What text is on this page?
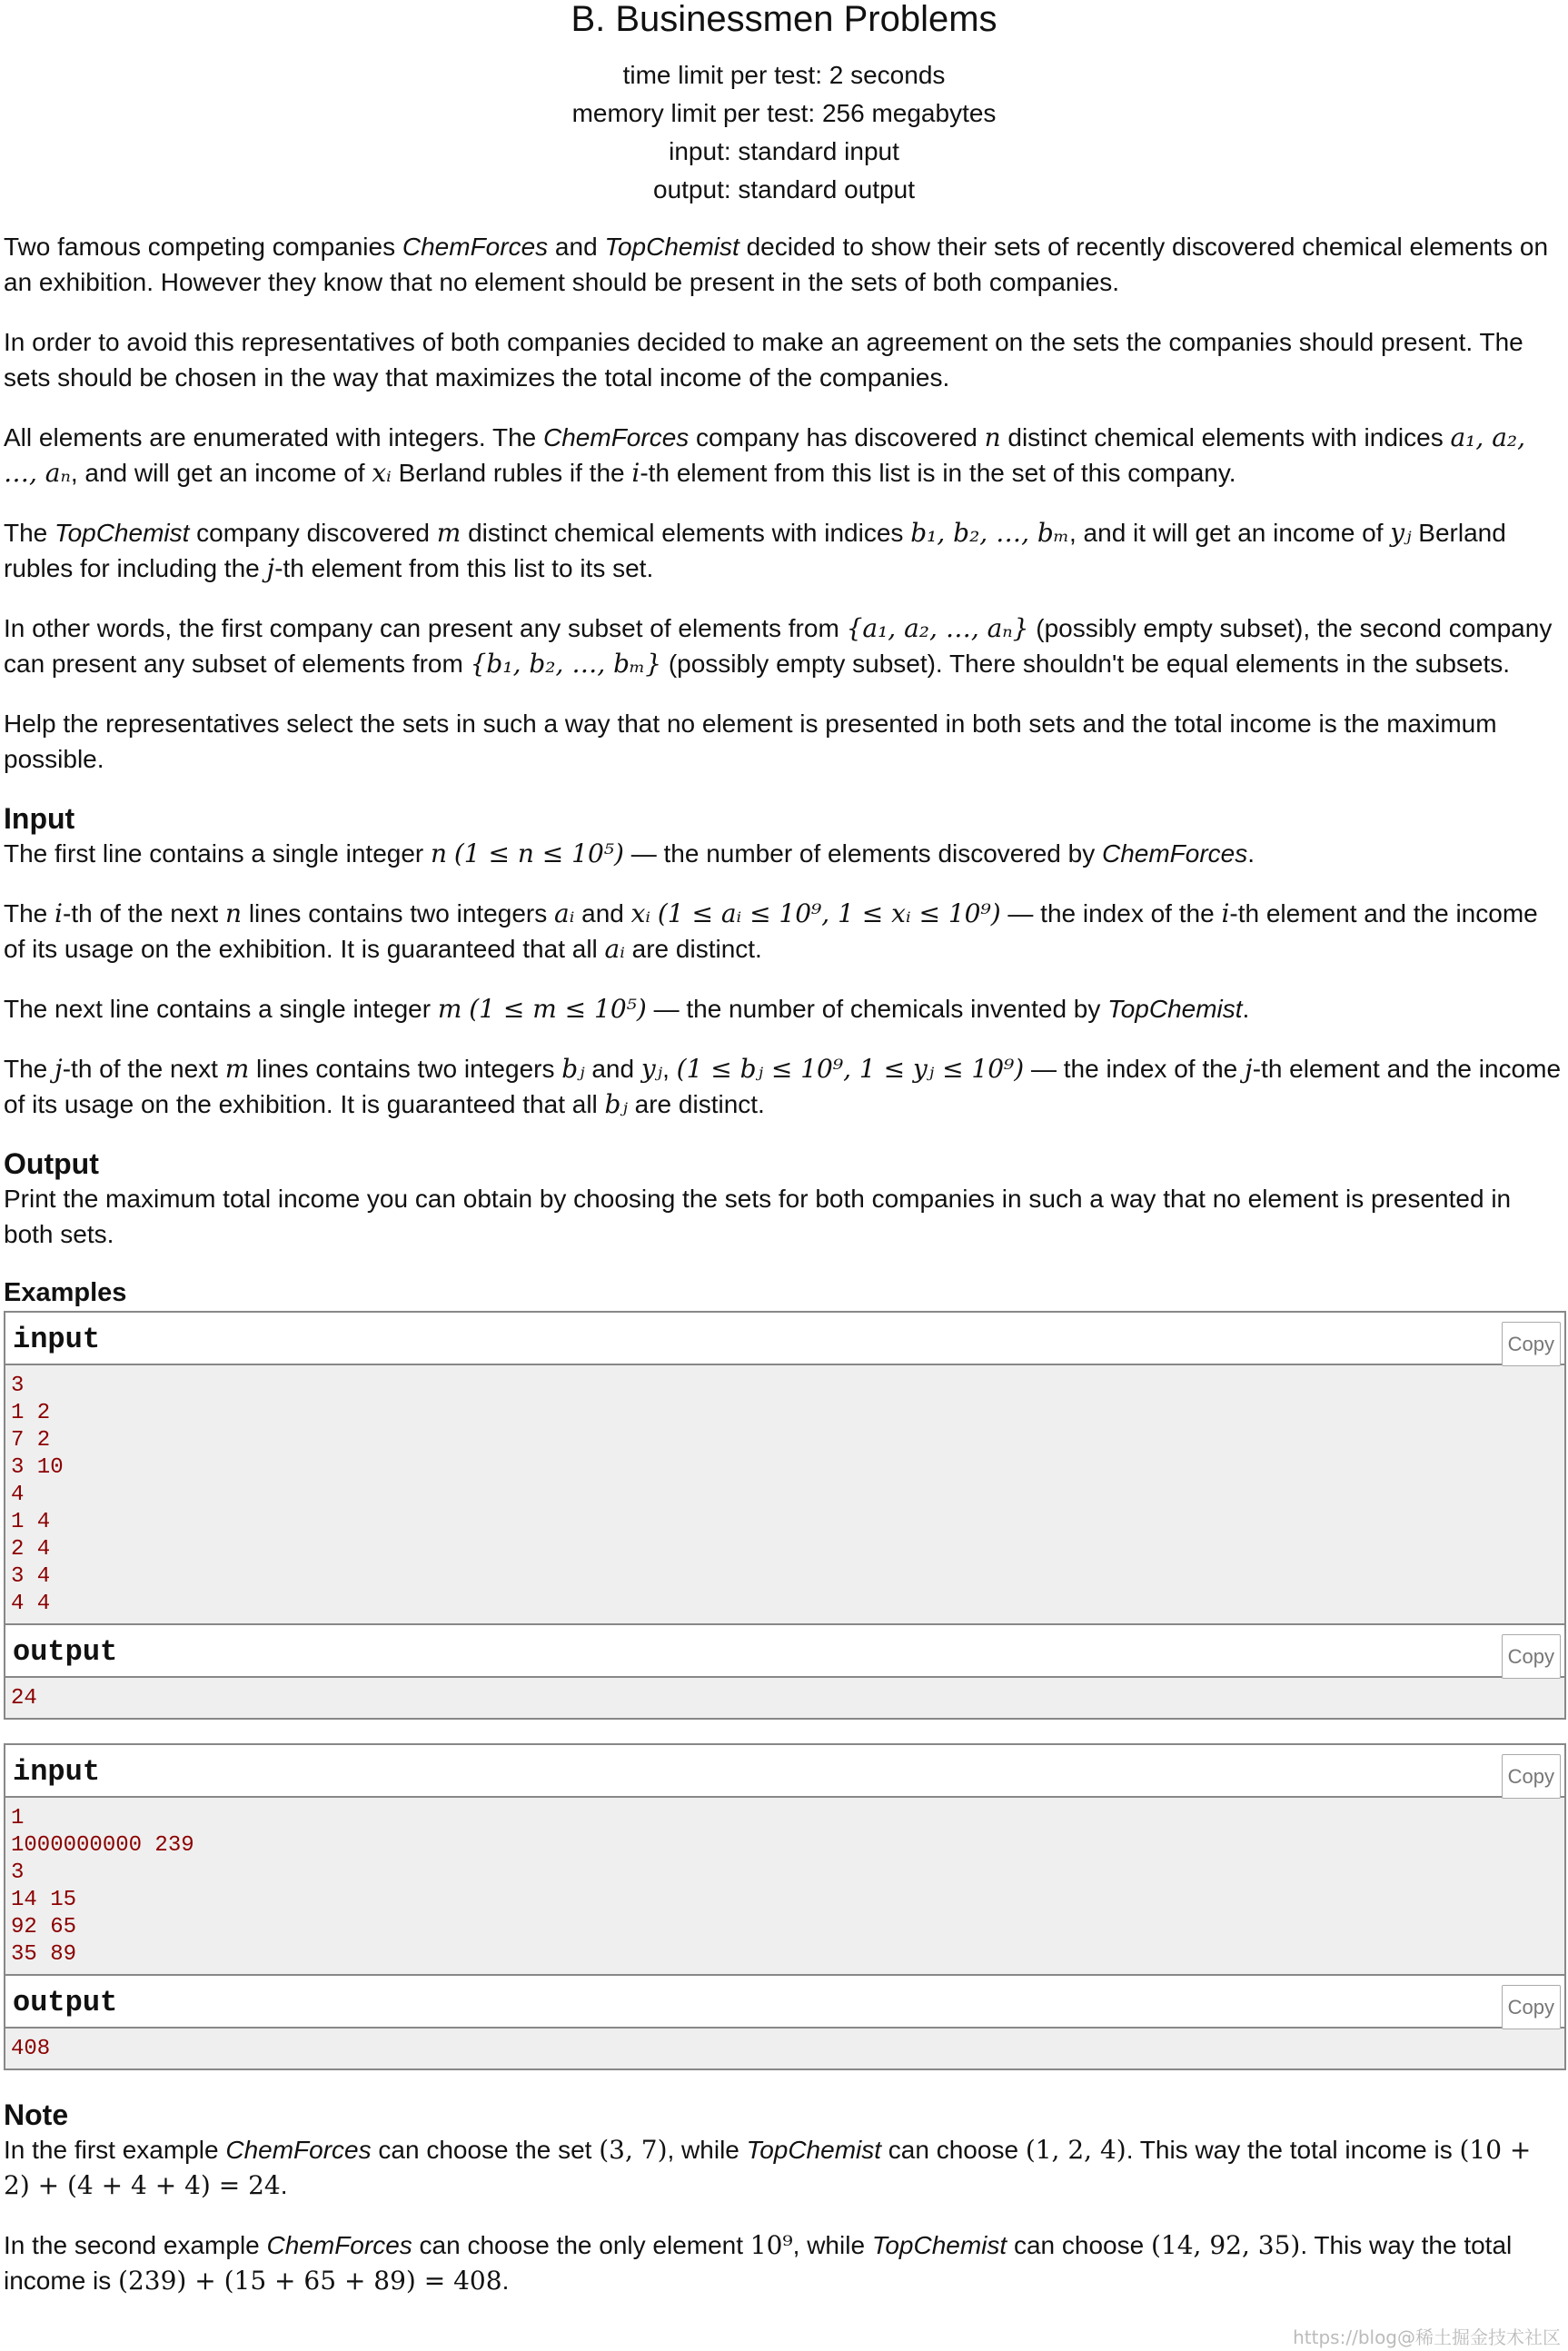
B. Businessmen Problems
time limit per test: 2 seconds
memory limit per test: 256 megabytes
input: standard input
output: standard output

Two famous competing companies ChemForces and TopChemist decided to show their sets of recently discovered chemical elements on an exhibition. However they know that no element should be present in the sets of both companies.

In order to avoid this representatives of both companies decided to make an agreement on the sets the companies should present. The sets should be chosen in the way that maximizes the total income of the companies.

All elements are enumerated with integers. The ChemForces company has discovered n distinct chemical elements with indices a₁, a₂, …, aₙ, and will get an income of xᵢ Berland rubles if the i-th element from this list is in the set of this company.

The TopChemist company discovered m distinct chemical elements with indices b₁, b₂, …, bₘ, and it will get an income of yⱼ Berland rubles for including the j-th element from this list to its set.

In other words, the first company can present any subset of elements from {a₁, a₂, …, aₙ} (possibly empty subset), the second company can present any subset of elements from {b₁, b₂, …, bₘ} (possibly empty subset). There shouldn't be equal elements in the subsets.

Help the representatives select the sets in such a way that no element is presented in both sets and the total income is the maximum possible.

Input

The first line contains a single integer n (1 ≤ n ≤ 10⁵) — the number of elements discovered by ChemForces.

The i-th of the next n lines contains two integers aᵢ and xᵢ (1 ≤ aᵢ ≤ 10⁹, 1 ≤ xᵢ ≤ 10⁹) — the index of the i-th element and the income of its usage on the exhibition. It is guaranteed that all aᵢ are distinct.

The next line contains a single integer m (1 ≤ m ≤ 10⁵) — the number of chemicals invented by TopChemist.

The j-th of the next m lines contains two integers bⱼ and yⱼ, (1 ≤ bⱼ ≤ 10⁹, 1 ≤ yⱼ ≤ 10⁹) — the index of the j-th element and the income of its usage on the exhibition. It is guaranteed that all bⱼ are distinct.

Output

Print the maximum total income you can obtain by choosing the sets for both companies in such a way that no element is presented in both sets.

Examples
input	Copy
3
1 2
7 2
3 10
4
1 4
2 4
3 4
4 4
output	Copy
24
input	Copy
1
1000000000 239
3
14 15
92 65
35 89
output	Copy
408
Note

In the first example ChemForces can choose the set (3, 7), while TopChemist can choose (1, 2, 4). This way the total income is (10 + 2) + (4 + 4 + 4) = 24.

In the second example ChemForces can choose the only element 10⁹, while TopChemist can choose (14, 92, 35). This way the total income is (239) + (15 + 65 + 89) = 408.

https://blog@稀土掘金技术社区
